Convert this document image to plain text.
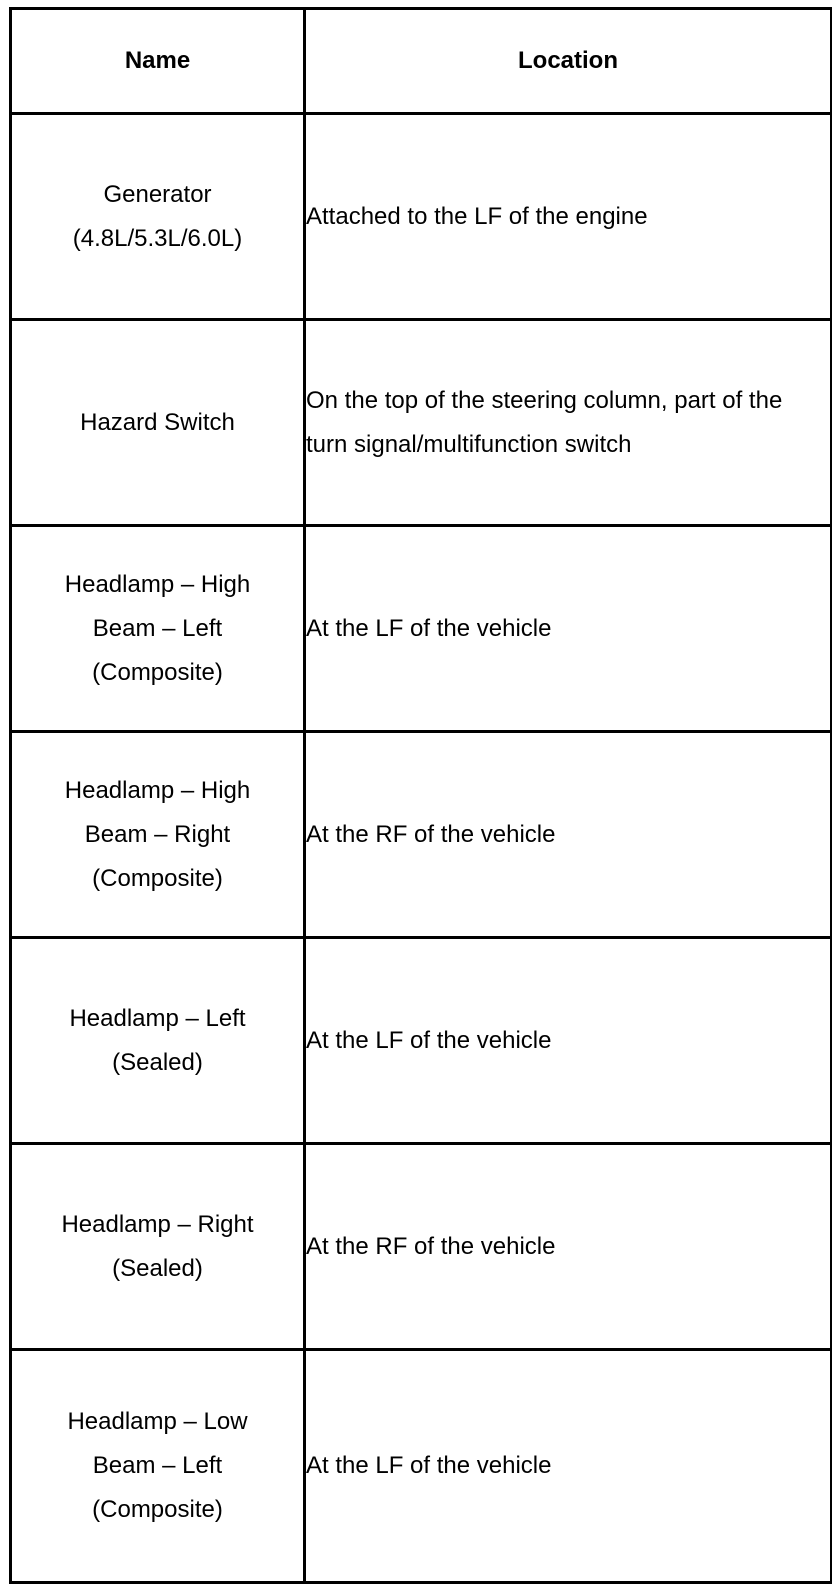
Name	Location

Generator
(4.8L/5.3L/6.0L)	Attached to the LF of the engine

Hazard Switch	On the top of the steering column, part of the turn signal/multifunction switch

Headlamp – High
Beam – Left
(Composite)	At the LF of the vehicle

Headlamp – High
Beam – Right
(Composite)	At the RF of the vehicle

Headlamp – Left
(Sealed)	At the LF of the vehicle

Headlamp – Right
(Sealed)	At the RF of the vehicle

Headlamp – Low
Beam – Left
(Composite)	At the LF of the vehicle
